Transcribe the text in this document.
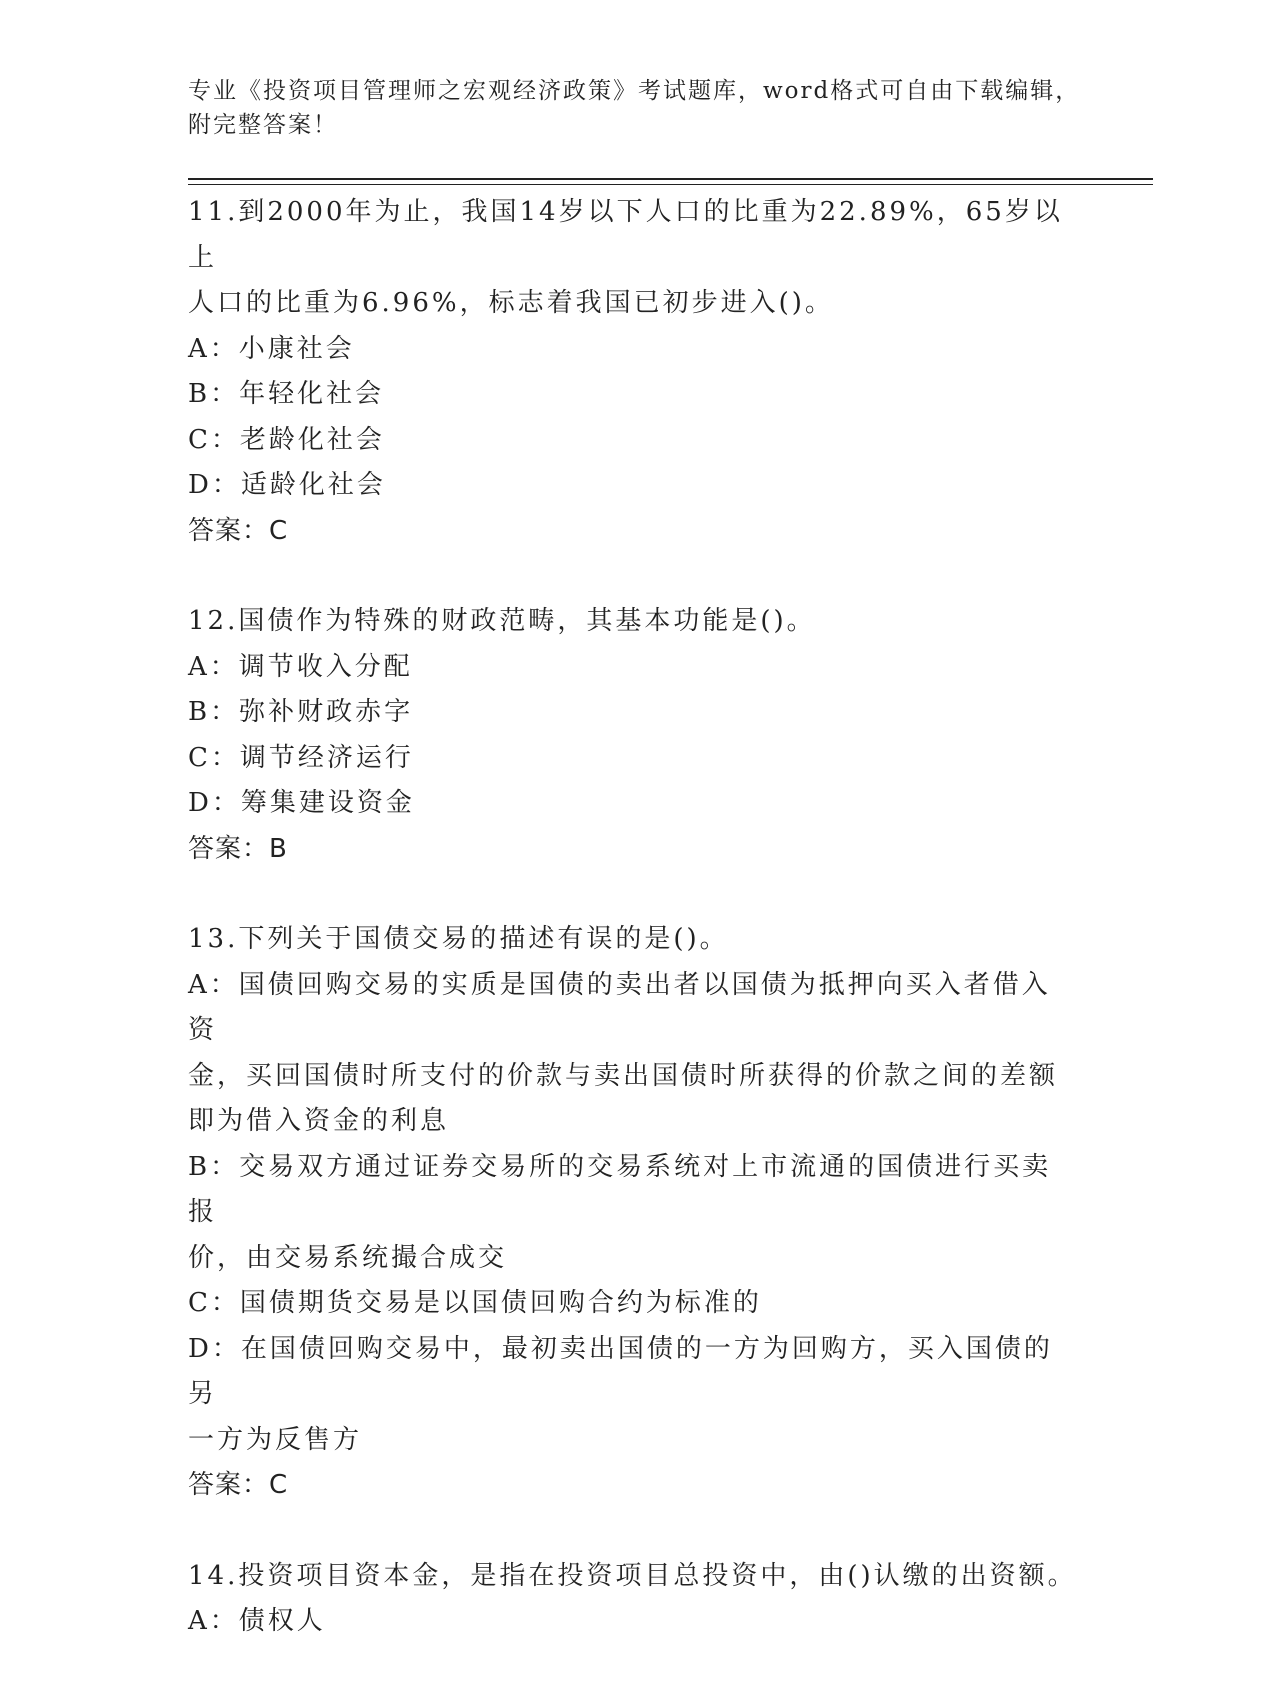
专业《投资项目管理师之宏观经济政策》考试题库，word格式可自由下载编辑，
附完整答案！
11.到2000年为止，我国14岁以下人口的比重为22.89%，65岁以上
人口的比重为6.96%，标志着我国已初步进入()。
A：小康社会
B：年轻化社会
C：老龄化社会
D：适龄化社会
答案：C
12.国债作为特殊的财政范畴，其基本功能是()。
A：调节收入分配
B：弥补财政赤字
C：调节经济运行
D：筹集建设资金
答案：B
13.下列关于国债交易的描述有误的是()。
A：国债回购交易的实质是国债的卖出者以国债为抵押向买入者借入资
金，买回国债时所支付的价款与卖出国债时所获得的价款之间的差额
即为借入资金的利息
B：交易双方通过证券交易所的交易系统对上市流通的国债进行买卖报
价，由交易系统撮合成交
C：国债期货交易是以国债回购合约为标准的
D：在国债回购交易中，最初卖出国债的一方为回购方，买入国债的另
一方为反售方
答案：C
14.投资项目资本金，是指在投资项目总投资中，由()认缴的出资额。
A：债权人
